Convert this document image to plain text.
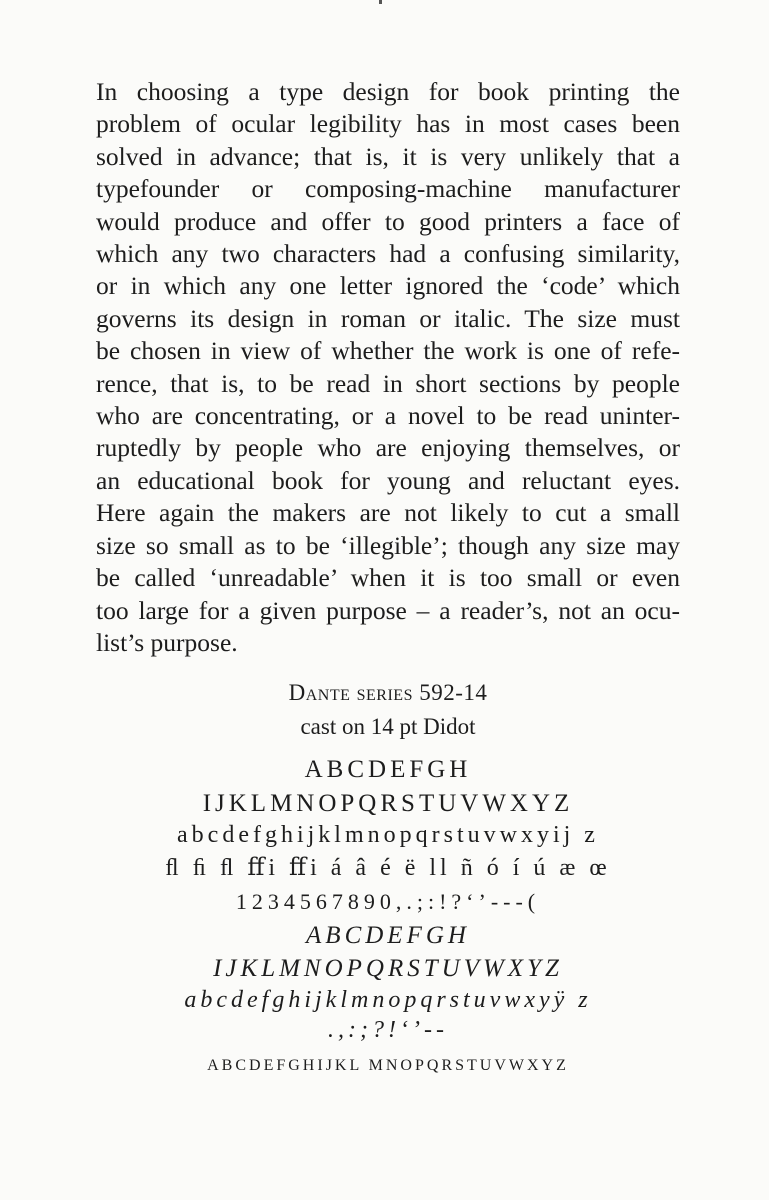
In choosing a type design for book printing the
problem of ocular legibility has in most cases been
solved in advance; that is, it is very unlikely that a
typefounder or composing-machine manufacturer
would produce and offer to good printers a face of
which any two characters had a confusing similarity,
or in which any one letter ignored the ‘code’ which
governs its design in roman or italic. The size must
be chosen in view of whether the work is one of refe-
rence, that is, to be read in short sections by people
who are concentrating, or a novel to be read uninter-
ruptedly by people who are enjoying themselves, or
an educational book for young and reluctant eyes.
Here again the makers are not likely to cut a small
size so small as to be ‘illegible’; though any size may
be called ‘unreadable’ when it is too small or even
too large for a given purpose – a reader’s, not an ocu-
list’s purpose.
Dante series 592-14
cast on 14 pt Didot
ABCDEFGH
IJKLMNOPQRSTUVWXYZ
abcdefghijklmnopqrstuvwxyij z
ﬂ ﬁ ﬂ ﬀi ﬀi á â é ë ll ñ ó í ú æ œ
1234567890,.;:!?‘’---(
ABCDEFGH
IJKLMNOPQRSTUVWXYZ
abcdefghijklmnopqrstuvwxyÿ z
.,:;?!‘’--
ABCDEFGHIJKL MNOPQRSTUVWXYZ
